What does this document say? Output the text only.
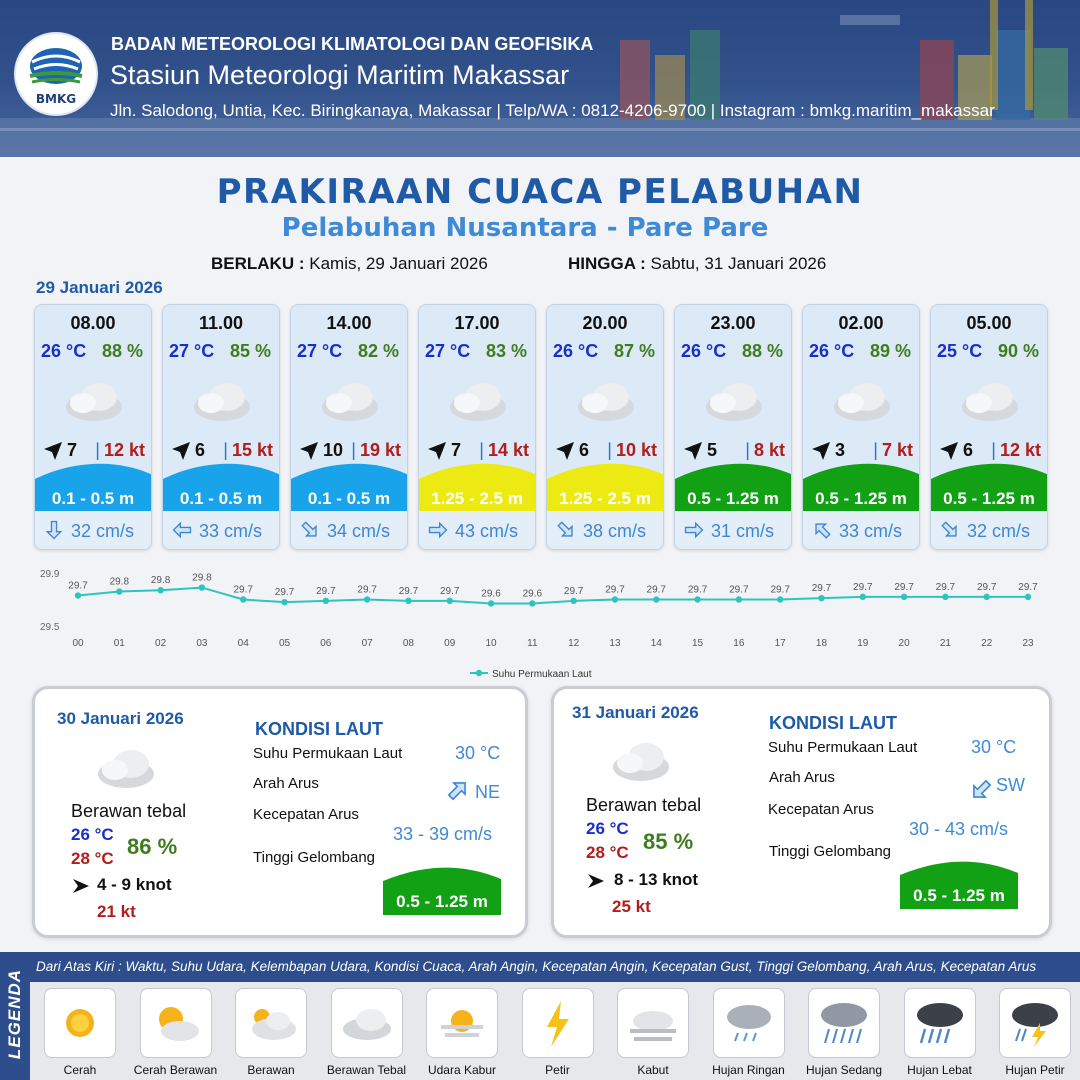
BMKG
BADAN METEOROLOGI KLIMATOLOGI DAN GEOFISIKA
Stasiun Meteorologi Maritim Makassar
Jln. Salodong, Untia, Kec. Biringkanaya, Makassar | Telp/WA : 0812-4206-9700 | Instagram : bmkg.maritim_makassar
PRAKIRAAN CUACA PELABUHAN
Pelabuhan Nusantara - Pare Pare
BERLAKU : Kamis, 29 Januari 2026	HINGGA : Sabtu, 31 Januari 2026
29 Januari 2026
08.00
26 °C 88 %
7 | 12 kt
0.1 - 0.5 m
32 cm/s
11.00
27 °C 85 %
6 | 15 kt
0.1 - 0.5 m
33 cm/s
14.00
27 °C 82 %
10 | 19 kt
0.1 - 0.5 m
34 cm/s
17.00
27 °C 83 %
7 | 14 kt
1.25 - 2.5 m
43 cm/s
20.00
26 °C 87 %
6 | 10 kt
1.25 - 2.5 m
38 cm/s
23.00
26 °C 88 %
5 | 8 kt
0.5 - 1.25 m
31 cm/s
02.00
26 °C 89 %
3 | 7 kt
0.5 - 1.25 m
33 cm/s
05.00
25 °C 90 %
6 | 12 kt
0.5 - 1.25 m
32 cm/s
29.9
29.5
29.7
00
29.8
01
29.8
02
29.8
03
29.7
04
29.7
05
29.7
06
29.7
07
29.7
08
29.7
09
29.6
10
29.6
11
29.7
12
29.7
13
29.7
14
29.7
15
29.7
16
29.7
17
29.7
18
29.7
19
29.7
20
29.7
21
29.7
22
29.7
23
Suhu Permukaan Laut
30 Januari 2026
Berawan tebal
26 °C
28 °C 86 %
4 - 9 knot
21 kt
KONDISI LAUT
Suhu Permukaan Laut	30 °C
Arah Arus	NE
Kecepatan Arus
33 - 39 cm/s
Tinggi Gelombang
0.5 - 1.25 m
31 Januari 2026
Berawan tebal
26 °C
28 °C 85 %
8 - 13 knot
25 kt
KONDISI LAUT
Suhu Permukaan Laut	30 °C
Arah Arus	SW
Kecepatan Arus
30 - 43 cm/s
Tinggi Gelombang
0.5 - 1.25 m
LEGENDA
Dari Atas Kiri : Waktu, Suhu Udara, Kelembapan Udara, Kondisi Cuaca, Arah Angin, Kecepatan Angin, Kecepatan Gust, Tinggi Gelombang, Arah Arus, Kecepatan Arus
Cerah	Cerah Berawan	Berawan	Berawan Tebal	Udara Kabur	Petir	Kabut	Hujan Ringan	Hujan Sedang	Hujan Lebat	Hujan Petir
